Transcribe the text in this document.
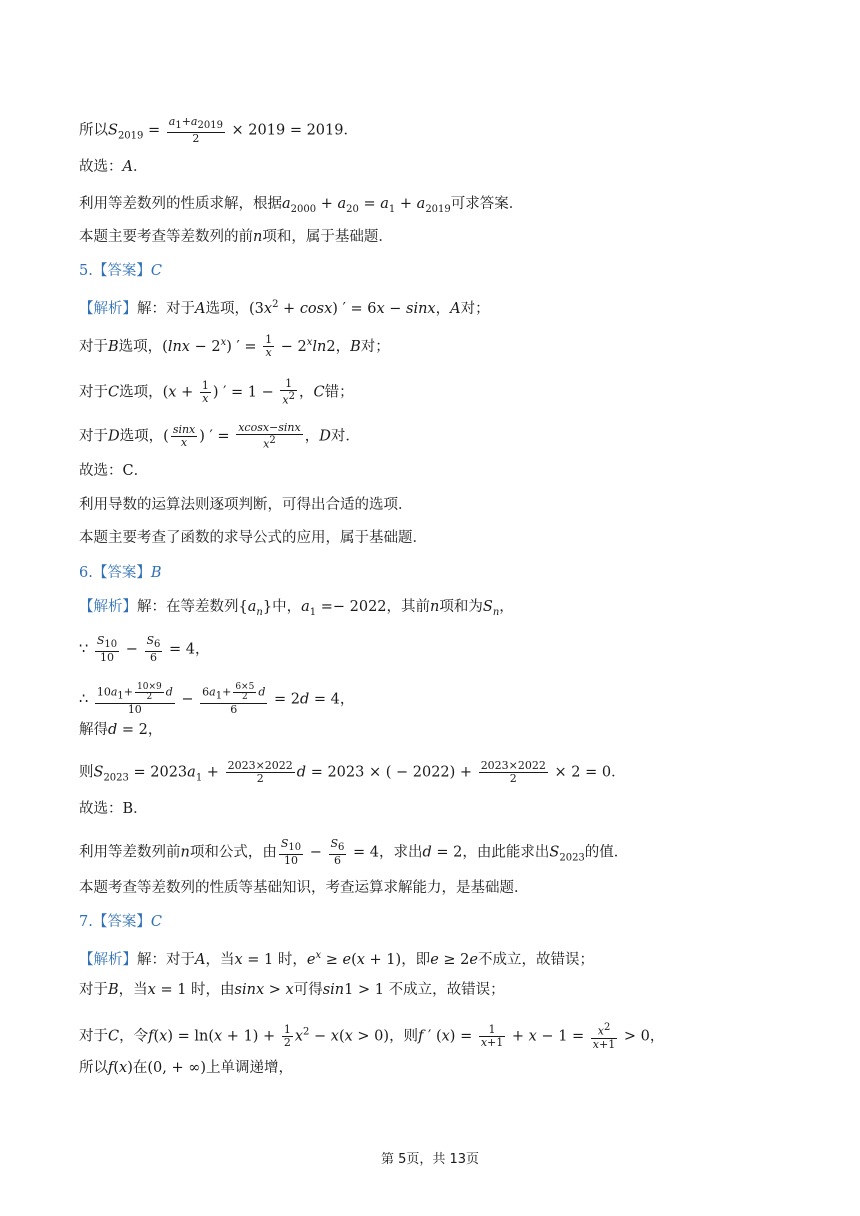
所以$S_{2019} = \frac{a_1+a_{2019}}{2} \times 2019 = 2019$．
故选：A．
利用等差数列的性质求解，根据$a_{2000} + a_{20} = a_1 + a_{2019}$可求答案．
本题主要考查等差数列的前n项和，属于基础题．
5.【答案】C
【解析】解：对于A选项，$(3x^2 + \cos x)$ ′ = 6x − sinx，A对；
对于B选项，$(\ln x - 2^x)$ ′ = $\frac{1}{x} - 2^x\ln 2$，B对；
对于C选项，($x + \frac{1}{x}$ ) ′ = $1 - \frac{1}{x^2}$ ，C错；
对于D选项，( $\frac{\sin x}{x}$ ) ′ = $\frac{xcosx-\sin x}{x^2}$ ，D对．
故选：C．
利用导数的运算法则逐项判断，可得出合适的选项．
本题主要考查了函数的求导公式的应用，属于基础题．
6.【答案】B
【解析】解：在等差数列$\{a_n\}$中，$a_1 =- 2022$，其前n项和为$S_n$，
∵ $\frac{S_{10}}{10} - \frac{S_6}{6} = 4$，
∴ $\frac{10a_1+ \frac{10\times 9}{2} d}{10} - \frac{6a_1+ \frac{6\times 5}{2} d}{6} = 2d = 4$，
解得d = 2，
则$S_{2023} = 2023a_1 + \frac{2023\times 2022}{2}$ d = 2023 × ( − $2022) + \frac{2023\times 2022}{2} \times 2 = 0$．
故选：B．
利用等差数列前n项和公式，由 $\frac{S_{10}}{10} - \frac{S_6}{6} = 4$，求出d = 2，由此能求出$S_{2023}$的值．
本题考查等差数列的性质等基础知识，考查运算求解能力，是基础题．
7.【答案】C
【解析】解：对于A，当x = 1 时，$e^x \ge e(x + 1)$，即e ≥ 2e不成立，故错误；
对于B，当x = 1 时，由sinx > x可得sin1 > 1 不成立，故错误；
对于C，令$f(x) = \ln(x + 1) + \frac{1}{2} x^2 - x(x > 0)$，则f ′ $(x) = \frac{1}{x+1} + x - 1 = \frac{x^2}{x+1} > 0$，
所以f(x)在(0, + ∞)上单调递增，
第 5页，共 13页
